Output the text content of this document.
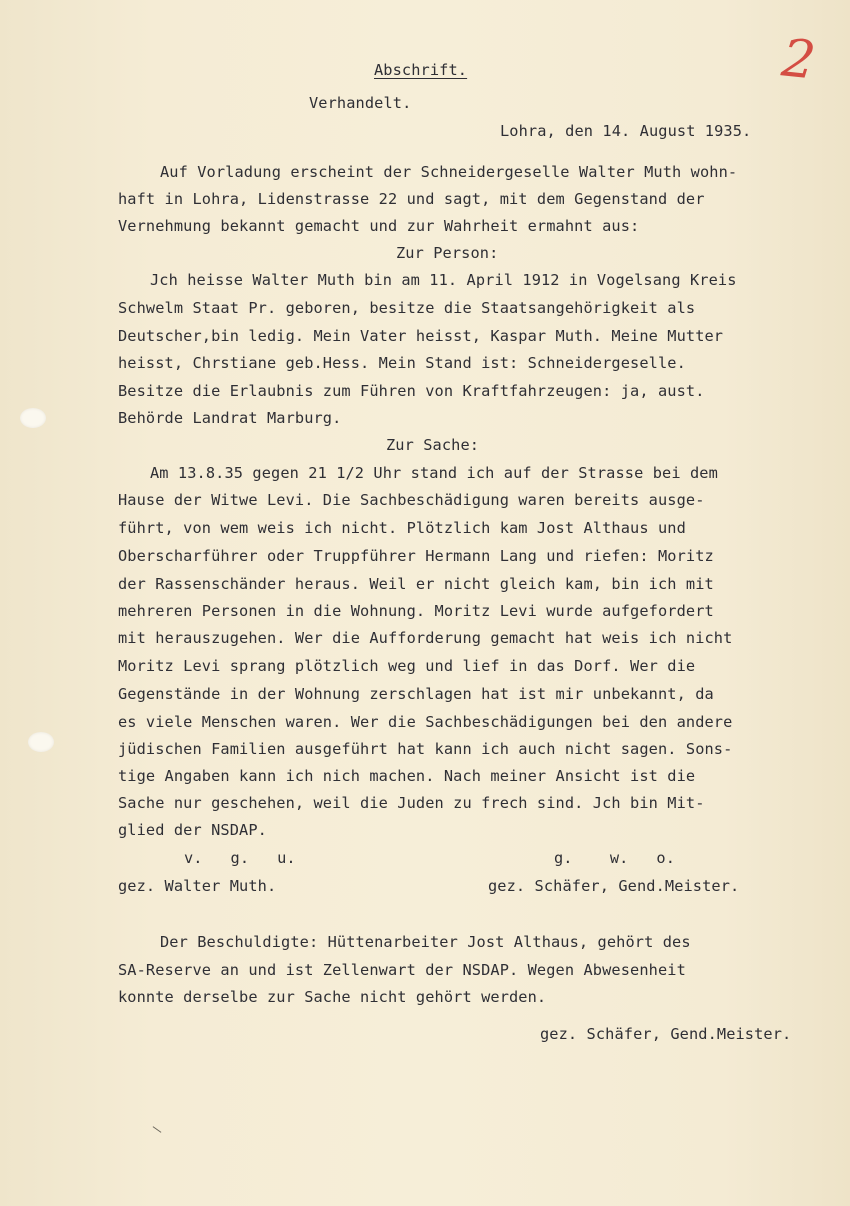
2
Abschrift.
Verhandelt.
Lohra, den 14. August 1935.
Auf Vorladung erscheint der Schneidergeselle Walter Muth wohn-
haft in Lohra, Lidenstrasse 22 und sagt, mit dem Gegenstand der
Vernehmung bekannt gemacht und zur Wahrheit ermahnt aus:
Zur Person:
Jch heisse Walter Muth bin am 11. April 1912 in Vogelsang Kreis
Schwelm Staat Pr. geboren, besitze die Staatsangehörigkeit als
Deutscher,bin ledig. Mein Vater heisst, Kaspar Muth. Meine Mutter
heisst, Chrstiane geb.Hess. Mein Stand ist: Schneidergeselle.
Besitze die Erlaubnis zum Führen von Kraftfahrzeugen: ja, aust.
Behörde Landrat Marburg.
Zur Sache:
Am 13.8.35 gegen 21 1/2 Uhr stand ich auf der Strasse bei dem
Hause der Witwe Levi. Die Sachbeschädigung waren bereits ausge-
führt, von wem weis ich nicht. Plötzlich kam Jost Althaus und
Oberscharführer oder Truppführer Hermann Lang und riefen: Moritz
der Rassenschänder heraus. Weil er nicht gleich kam, bin ich mit
mehreren Personen in die Wohnung. Moritz Levi wurde aufgefordert
mit herauszugehen. Wer die Aufforderung gemacht hat weis ich nicht
Moritz Levi sprang plötzlich weg und lief in das Dorf. Wer die
Gegenstände in der Wohnung zerschlagen hat ist mir unbekannt, da
es viele Menschen waren. Wer die Sachbeschädigungen bei den andere
jüdischen Familien ausgeführt hat kann ich auch nicht sagen. Sons-
tige Angaben kann ich nich machen. Nach meiner Ansicht ist die
Sache nur geschehen, weil die Juden zu frech sind. Jch bin Mit-
glied der NSDAP.
v.   g.   u.	g.    w.   o.
gez. Walter Muth.	gez. Schäfer, Gend.Meister.
Der Beschuldigte: Hüttenarbeiter Jost Althaus, gehört des
SA-Reserve an und ist Zellenwart der NSDAP. Wegen Abwesenheit
konnte derselbe zur Sache nicht gehört werden.
gez. Schäfer, Gend.Meister.
